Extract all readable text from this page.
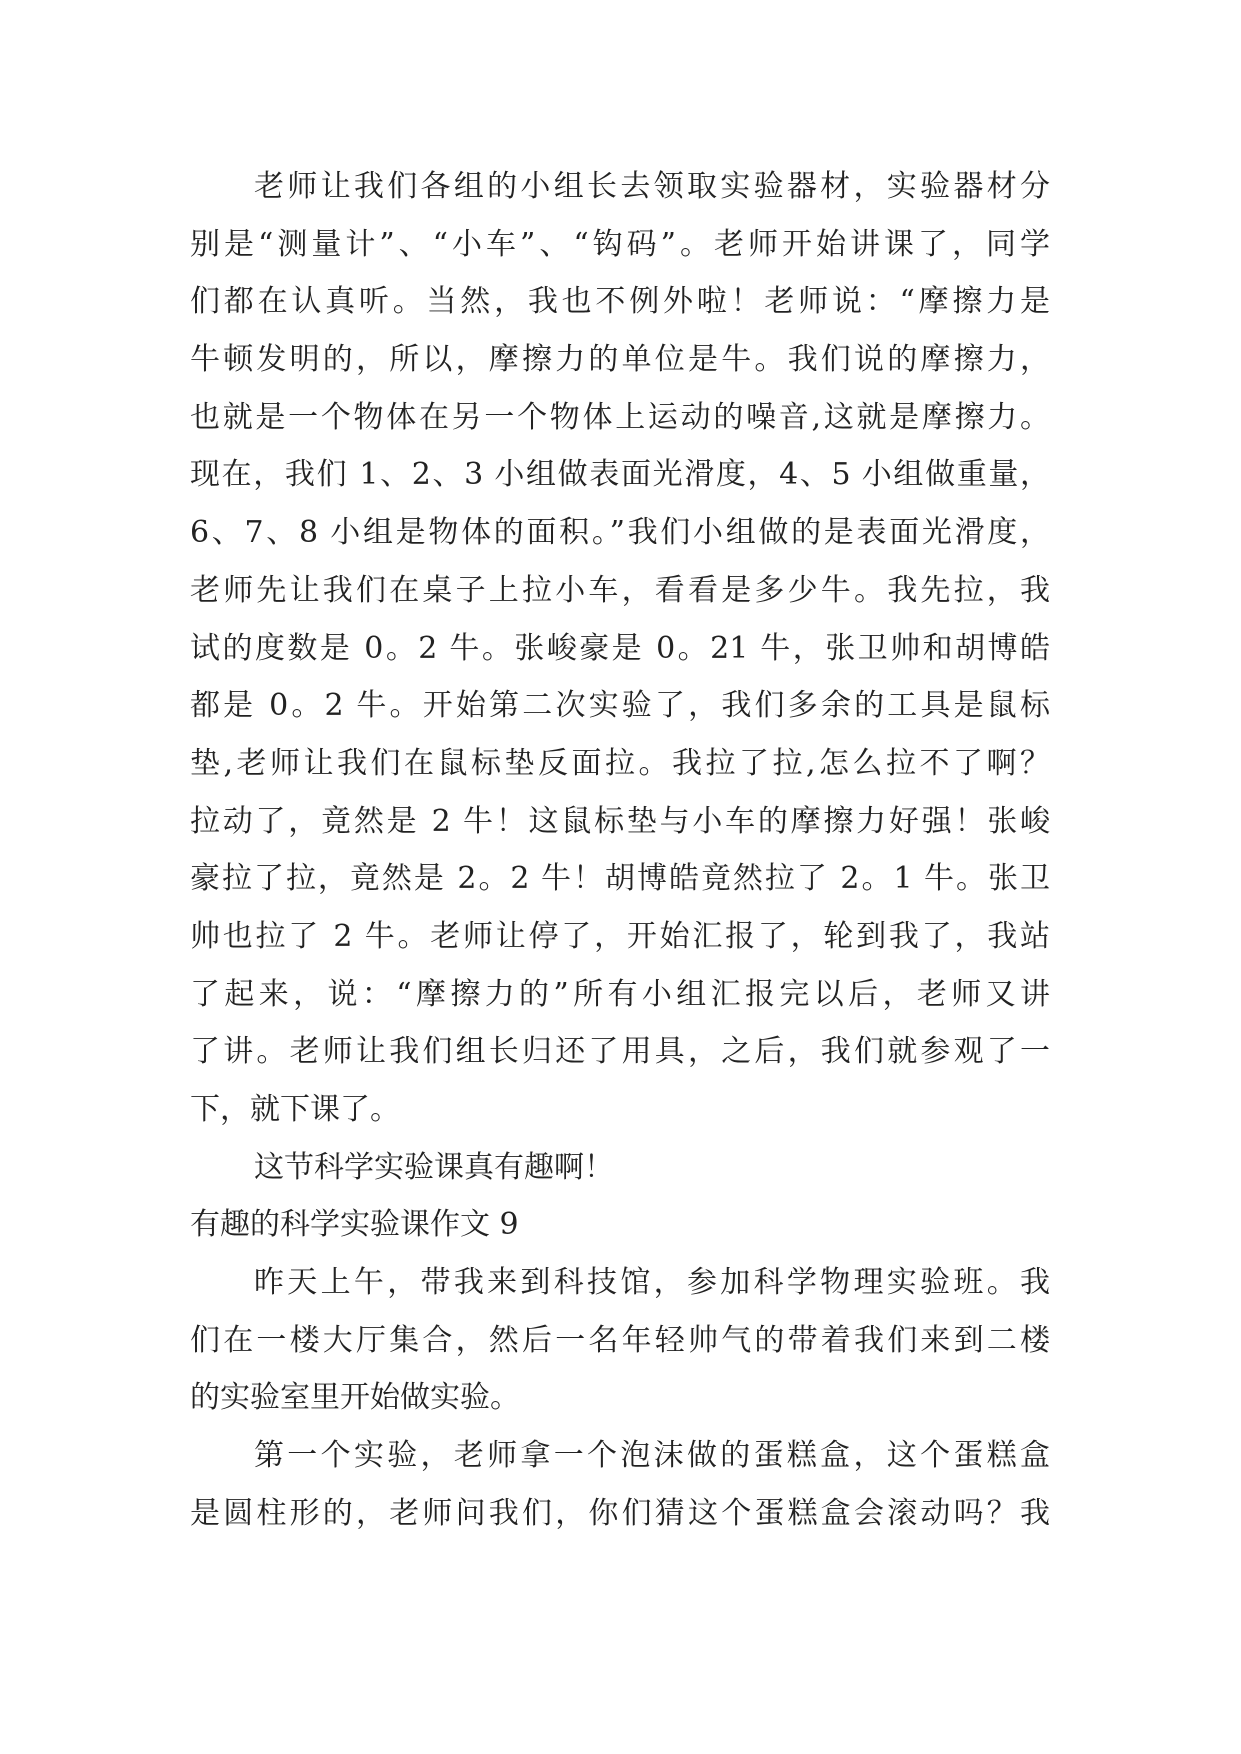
老师让我们各组的小组长去领取实验器材，实验器材分
别是“测量计”、“小车”、“钩码”。老师开始讲课了，同学
们都在认真听。当然，我也不例外啦！老师说：“摩擦力是
牛顿发明的，所以，摩擦力的单位是牛。我们说的摩擦力，
也就是一个物体在另一个物体上运动的噪音,这就是摩擦力。
现在，我们 1、2、3 小组做表面光滑度，4、5 小组做重量，
6、7、8 小组是物体的面积。”我们小组做的是表面光滑度，
老师先让我们在桌子上拉小车，看看是多少牛。我先拉，我
试的度数是 0。2 牛。张峻豪是 0。21 牛，张卫帅和胡博皓
都是 0。2 牛。开始第二次实验了，我们多余的工具是鼠标
垫,老师让我们在鼠标垫反面拉。我拉了拉,怎么拉不了啊？
拉动了，竟然是 2 牛！这鼠标垫与小车的摩擦力好强！张峻
豪拉了拉，竟然是 2。2 牛！胡博皓竟然拉了 2。1 牛。张卫
帅也拉了 2 牛。老师让停了，开始汇报了，轮到我了，我站
了起来，说：“摩擦力的”所有小组汇报完以后，老师又讲
了讲。老师让我们组长归还了用具，之后，我们就参观了一
下，就下课了。
这节科学实验课真有趣啊！
有趣的科学实验课作文 9
昨天上午，带我来到科技馆，参加科学物理实验班。我
们在一楼大厅集合，然后一名年轻帅气的带着我们来到二楼
的实验室里开始做实验。
第一个实验，老师拿一个泡沫做的蛋糕盒，这个蛋糕盒
是圆柱形的，老师问我们，你们猜这个蛋糕盒会滚动吗？我
